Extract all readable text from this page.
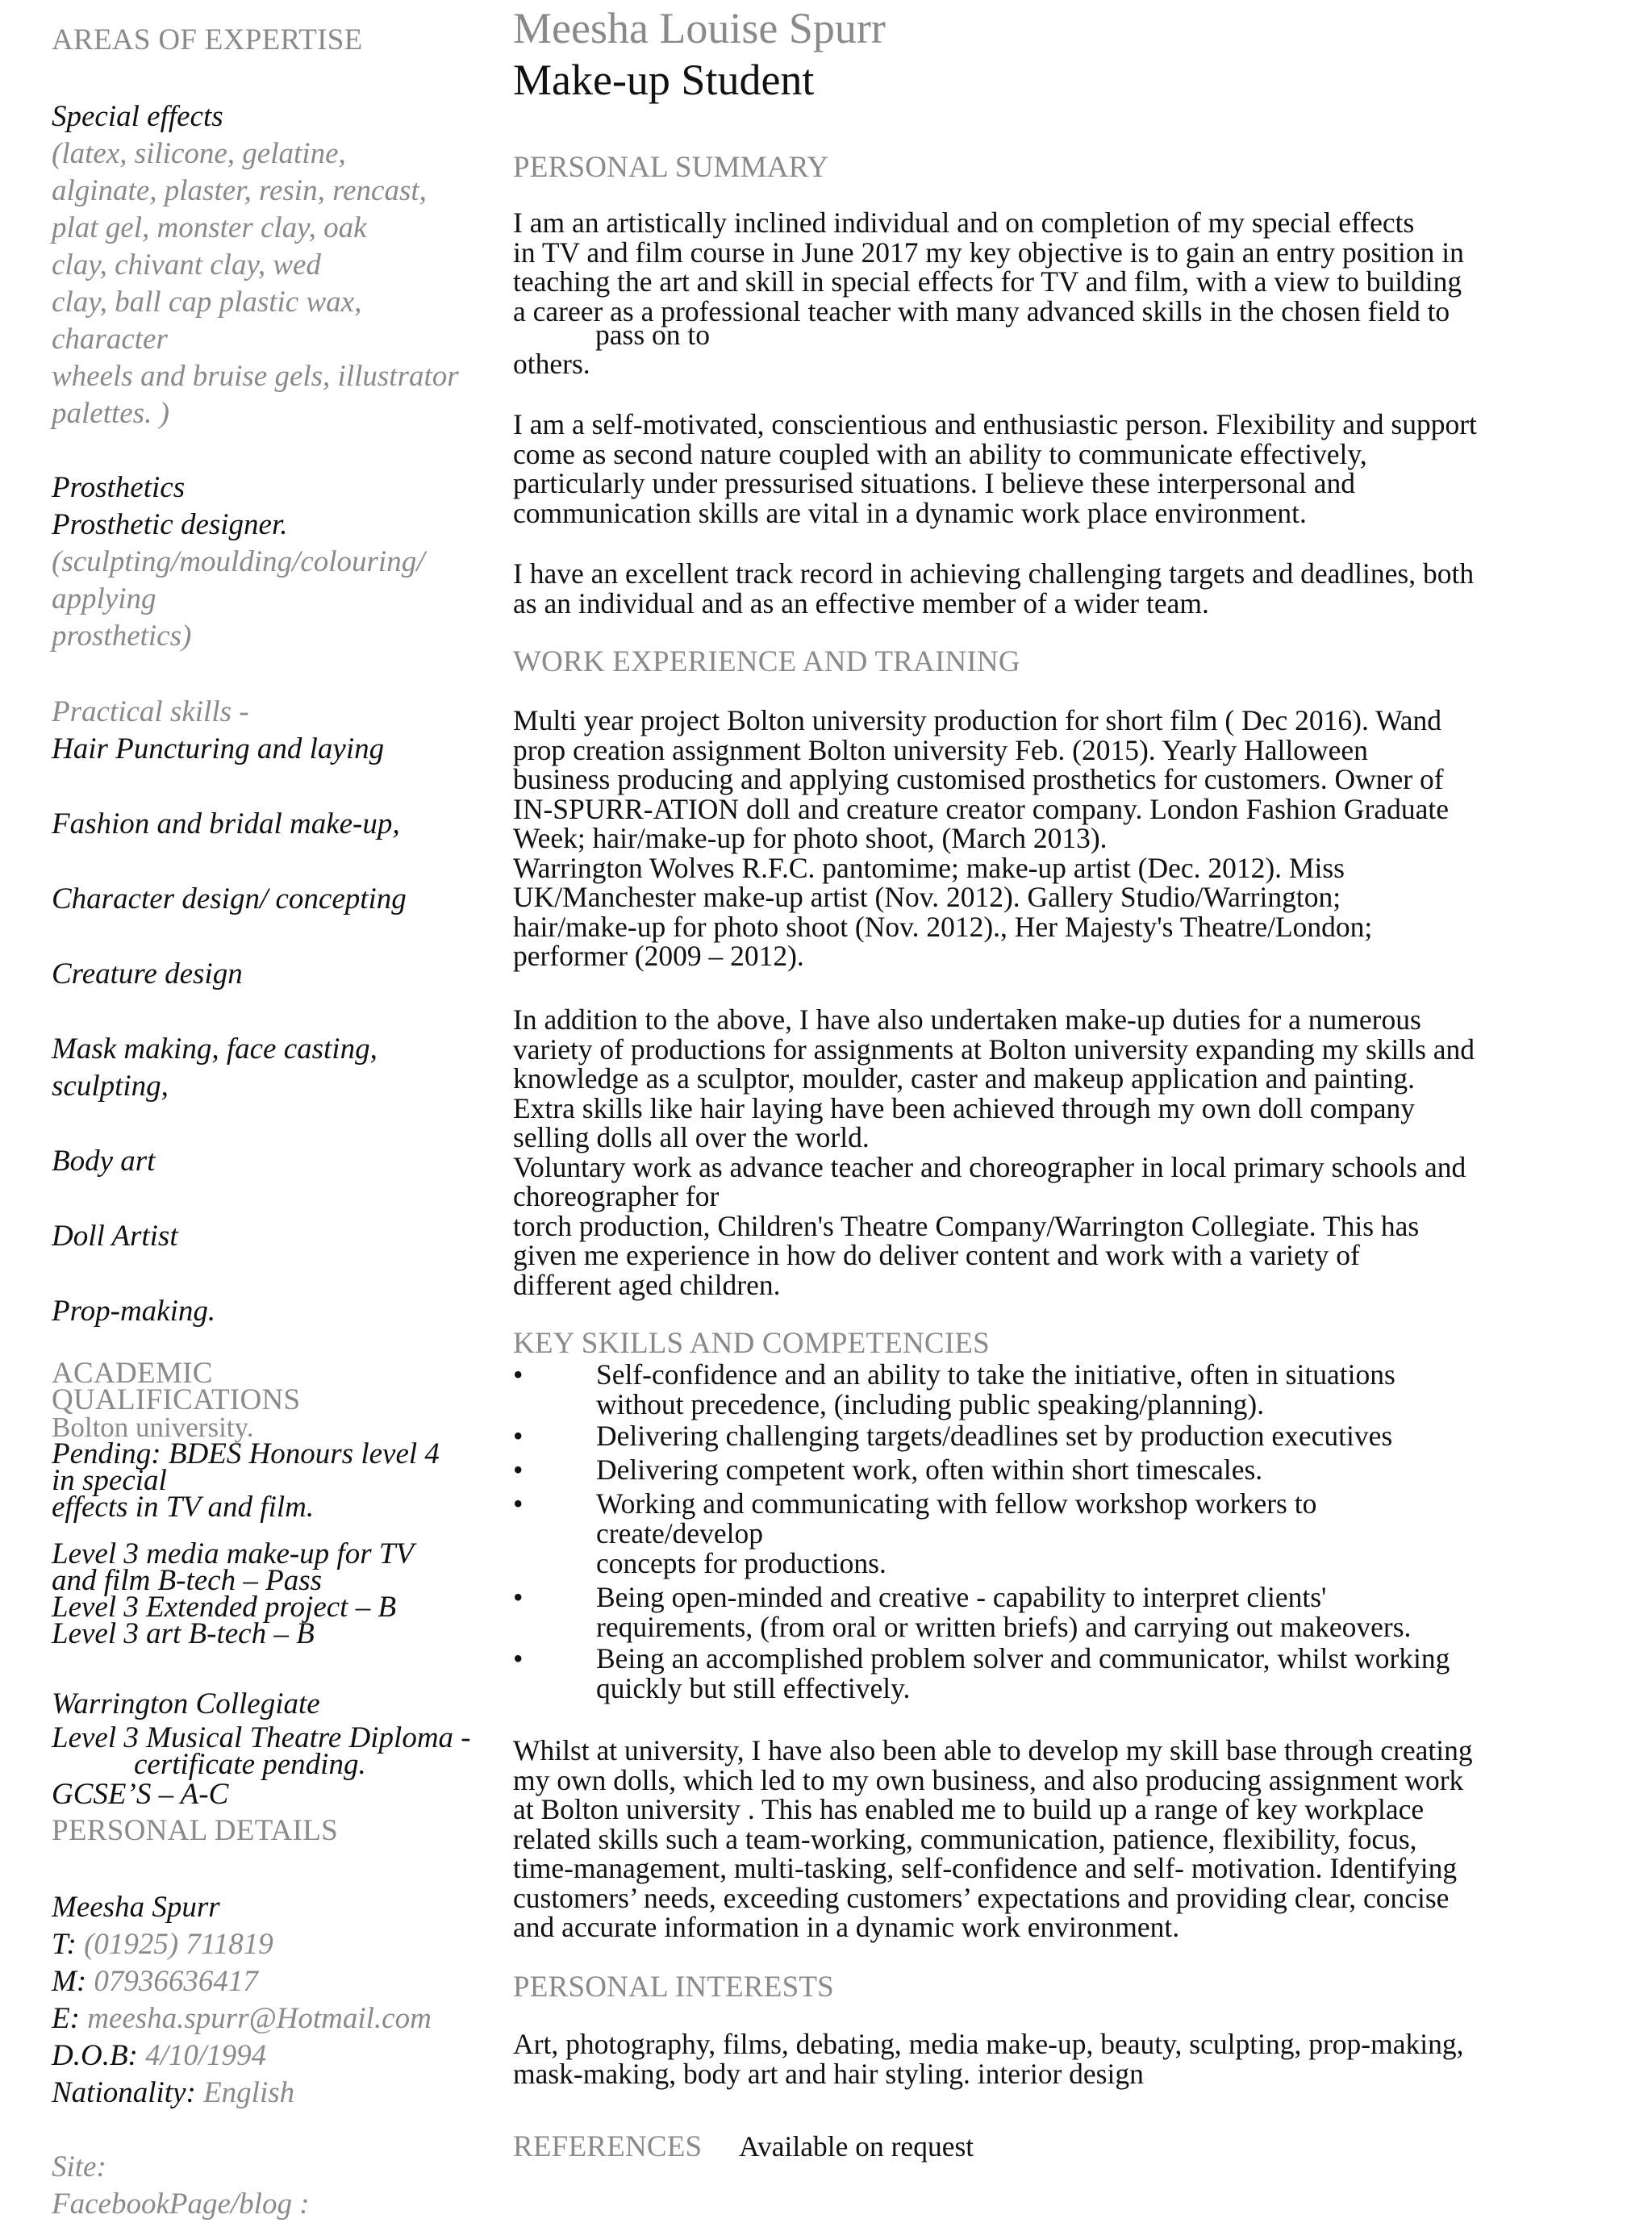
AREAS OF EXPERTISE
Special effects
(latex, silicone, gelatine,
alginate, plaster, resin, rencast,
plat gel, monster clay, oak
clay, chivant clay, wed
clay, ball cap plastic wax,
character
wheels and bruise gels, illustrator
palettes. )
Prosthetics
Prosthetic designer.
(sculpting/moulding/colouring/
applying
prosthetics)
Practical skills -
Hair Puncturing and laying
Fashion and bridal make-up,
Character design/ concepting
Creature design
Mask making, face casting,
sculpting,
Body art
Doll Artist
Prop-making.
ACADEMIC
QUALIFICATIONS
Bolton university.
Pending: BDES Honours level 4
in special
effects in TV and film.
Level 3 media make-up for TV
and film B-tech – Pass
Level 3 Extended project – B
Level 3 art B-tech – B
Warrington Collegiate
Level 3 Musical Theatre Diploma -
certificate pending.
GCSE’S – A-C
PERSONAL DETAILS
Meesha Spurr
T: (01925) 711819
M: 07936636417
E: meesha.spurr@Hotmail.com
D.O.B: 4/10/1994
Nationality: English
Site:
FacebookPage/blog :
Meesha Louise Spurr
Make-up Student
PERSONAL SUMMARY
I am an artistically inclined individual and on completion of my special effects
in TV and film course in June 2017 my key objective is to gain an entry position in
teaching the art and skill in special effects for TV and film, with a view to building
a career as a professional teacher with many advanced skills in the chosen field to
pass on to
others.
I am a self-motivated, conscientious and enthusiastic person. Flexibility and support
come as second nature coupled with an ability to communicate effectively,
particularly under pressurised situations. I believe these interpersonal and
communication skills are vital in a dynamic work place environment.
I have an excellent track record in achieving challenging targets and deadlines, both
as an individual and as an effective member of a wider team.
WORK EXPERIENCE AND TRAINING
Multi year project Bolton university production for short film ( Dec 2016). Wand
prop creation assignment Bolton university Feb. (2015). Yearly Halloween
business producing and applying customised prosthetics for customers. Owner of
IN-SPURR-ATION doll and creature creator company. London Fashion Graduate
Week; hair/make-up for photo shoot, (March 2013).
Warrington Wolves R.F.C. pantomime; make-up artist (Dec. 2012). Miss
UK/Manchester make-up artist (Nov. 2012). Gallery Studio/Warrington;
hair/make-up for photo shoot (Nov. 2012)., Her Majesty's Theatre/London;
performer (2009 – 2012).
In addition to the above, I have also undertaken make-up duties for a numerous
variety of productions for assignments at Bolton university expanding my skills and
knowledge as a sculptor, moulder, caster and makeup application and painting.
Extra skills like hair laying have been achieved through my own doll company
selling dolls all over the world.
Voluntary work as advance teacher and choreographer in local primary schools and
choreographer for
torch production, Children's Theatre Company/Warrington Collegiate. This has
given me experience in how do deliver content and work with a variety of
different aged children.
KEY SKILLS AND COMPETENCIES
•	Self-confidence and an ability to take the initiative, often in situations
without precedence, (including public speaking/planning).
•	Delivering challenging targets/deadlines set by production executives
•	Delivering competent work, often within short timescales.
•	Working and communicating with fellow workshop workers to
create/develop
concepts for productions.
•	Being open-minded and creative - capability to interpret clients'
requirements, (from oral or written briefs) and carrying out makeovers.
•	Being an accomplished problem solver and communicator, whilst working
quickly but still effectively.
Whilst at university, I have also been able to develop my skill base through creating
my own dolls, which led to my own business, and also producing assignment work
at Bolton university . This has enabled me to build up a range of key workplace
related skills such a team-working, communication, patience, flexibility, focus,
time-management, multi-tasking, self-confidence and self- motivation. Identifying
customers’ needs, exceeding customers’ expectations and providing clear, concise
and accurate information in a dynamic work environment.
PERSONAL INTERESTS
Art, photography, films, debating, media make-up, beauty, sculpting, prop-making,
mask-making, body art and hair styling. interior design
REFERENCES Available on request
